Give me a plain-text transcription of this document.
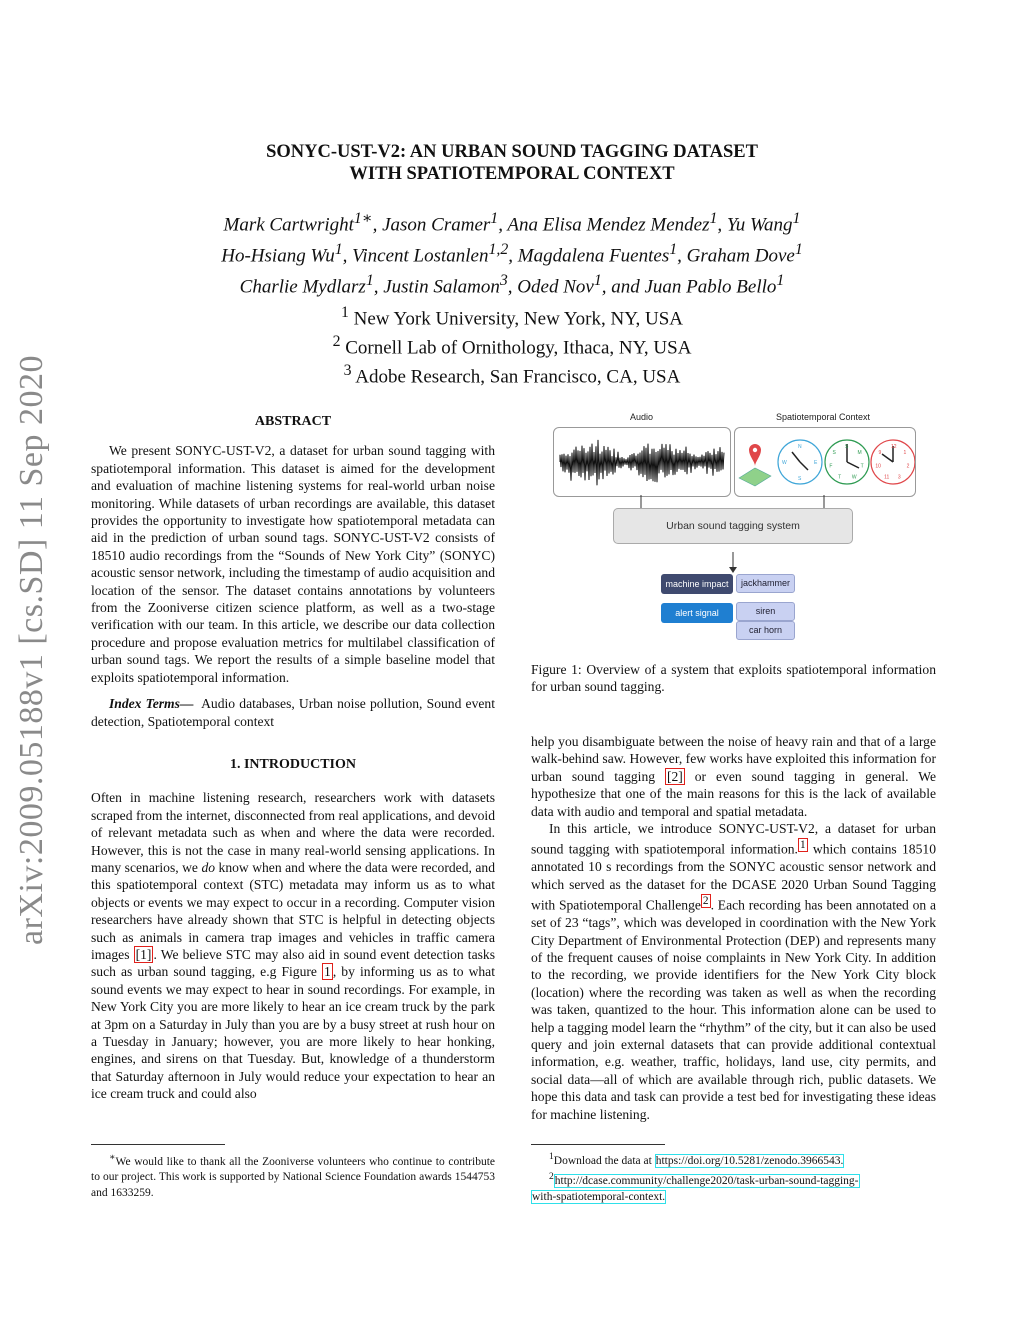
arXiv:2009.05188v1 [cs.SD] 11 Sep 2020
SONYC-UST-V2: AN URBAN SOUND TAGGING DATASET
WITH SPATIOTEMPORAL CONTEXT
Mark Cartwright$^{1∗}$, Jason Cramer$^1$, Ana Elisa Mendez Mendez$^1$, Yu Wang$^1$
Ho-Hsiang Wu$^1$, Vincent Lostanlen$^{1,2}$, Magdalena Fuentes$^1$, Graham Dove$^1$
Charlie Mydlarz$^1$, Justin Salamon$^3$, Oded Nov$^1$, and Juan Pablo Bello$^1$
$^1$ New York University, New York, NY, USA
$^2$ Cornell Lab of Ornithology, Ithaca, NY, USA
$^3$ Adobe Research, San Francisco, CA, USA

ABSTRACT

We present SONYC-UST-V2, a dataset for urban sound tagging with spatiotemporal information. This dataset is aimed for the development and evaluation of machine listening systems for real-world urban noise monitoring. While datasets of urban recordings are available, this dataset provides the opportunity to investigate how spatiotemporal metadata can aid in the prediction of urban sound tags. SONYC-UST-V2 consists of 18510 audio recordings from the “Sounds of New York City” (SONYC) acoustic sensor network, including the timestamp of audio acquisition and location of the sensor. The dataset contains annotations by volunteers from the Zooniverse citizen science platform, as well as a two-stage verification with our team. In this article, we describe our data collection procedure and propose evaluation metrics for multilabel classification of urban sound tags. We report the results of a simple baseline model that exploits spatiotemporal information.

Index Terms— Audio databases, Urban noise pollution, Sound event detection, Spatiotemporal context

1. INTRODUCTION

Often in machine listening research, researchers work with datasets scraped from the internet, disconnected from real applications, and devoid of relevant metadata such as when and where the data were recorded. However, this is not the case in many real-world sensing applications. In many scenarios, we do know when and where the data were recorded, and this spatiotemporal context (STC) metadata may inform us as to what objects or events we may expect to occur in a recording. Computer vision researchers have already shown that STC is helpful in detecting objects such as animals in camera trap images and vehicles in traffic camera images [1] . We believe STC may also aid in sound event detection tasks such as urban sound tagging, e.g Figure 1 , by informing us as to what sound events we may expect to hear in sound recordings. For example, in New York City you are more likely to hear an ice cream truck by the park at 3pm on a Saturday in July than you are by a busy street at rush hour on a Tuesday in January; however, you are more likely to hear honking, engines, and sirens on that Tuesday. But, knowledge of a thunderstorm that Saturday afternoon in July would reduce your expectation to hear an ice cream truck and could also

∗We would like to thank all the Zooniverse volunteers who continue to contribute to our project. This work is supported by National Science Foundation awards 1544753 and 1633259.
Audio	Spatiotemporal Context
N
E
S
W
S
M
T
W
T
F
S
12
1
2
3
11
10
9
Urban sound tagging system
machine impact
alert signal
jackhammer
siren
car horn
Figure 1: Overview of a system that exploits spatiotemporal information for urban sound tagging.

help you disambiguate between the noise of heavy rain and that of a large walk-behind saw. However, few works have exploited this information for urban sound tagging [2] or even sound tagging in general. We hypothesize that one of the main reasons for this is the lack of available data with audio and temporal and spatial metadata.

In this article, we introduce SONYC-UST-V2, a dataset for urban sound tagging with spatiotemporal information. $^1$ which contains 18510 annotated 10 s recordings from the SONYC acoustic sensor network and which served as the dataset for the DCASE 2020 Urban Sound Tagging with Spatiotemporal Challenge $^2$ . Each recording has been annotated on a set of 23 “tags”, which was developed in coordination with the New York City Department of Environmental Protection (DEP) and represents many of the frequent causes of noise complaints in New York City. In addition to the recording, we provide identifiers for the New York City block (location) where the recording was taken as well as when the recording was taken, quantized to the hour. This information alone can be used to help a tagging model learn the “rhythm” of the city, but it can also be used query and join external datasets that can provide additional contextual information, e.g. weather, traffic, holidays, land use, city permits, and social data—all of which are available through rich, public datasets. We hope this data and task can provide a test bed for investigating these ideas for machine listening.

$^1$Download the data at https://doi.org/10.5281/zenodo.3966543.
$^2$http://dcase.community/challenge2020/task-urban-sound-tagging-
with-spatiotemporal-context.
